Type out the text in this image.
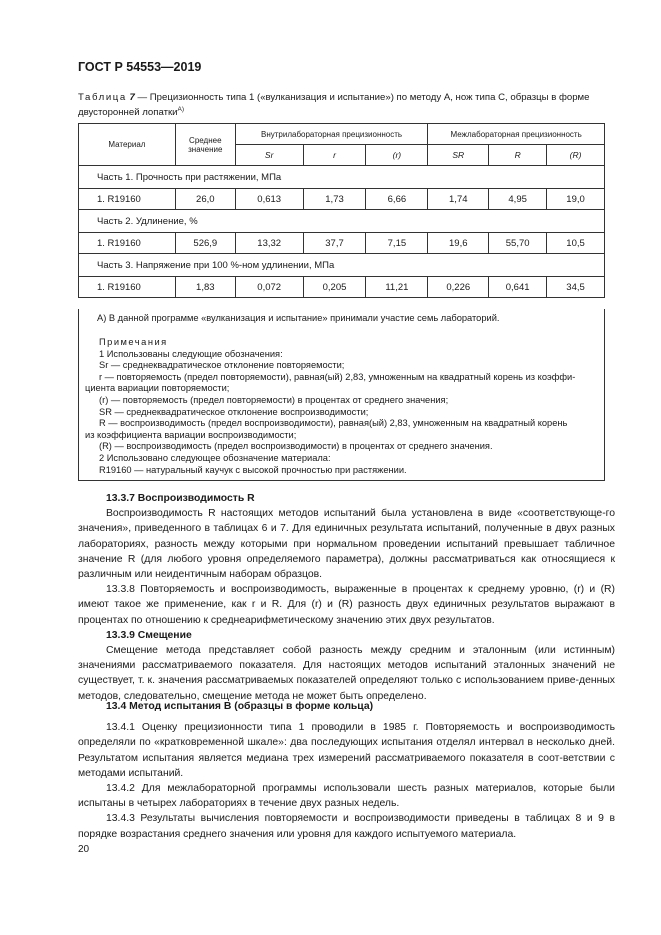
ГОСТ Р 54553—2019
Таблица 7 — Прецизионность типа 1 («вулканизация и испытание») по методу А, нож типа С, образцы в форме двусторонней лопатки$^{A)}$
Материал	Среднее значение	Внутрилабораторная прецизионность			Межлабораторная прецизионность		
		Sr	r	(r)	SR	R	(R)
Часть 1. Прочность при растяжении, МПа							
1. R19160	26,0	0,613	1,73	6,66	1,74	4,95	19,0
Часть 2. Удлинение, %							
1. R19160	526,9	13,32	37,7	7,15	19,6	55,70	10,5
Часть 3. Напряжение при 100 %-ном удлинении, МПа							
1. R19160	1,83	0,072	0,205	11,21	0,226	0,641	34,5
A) В данной программе «вулканизация и испытание» принимали участие семь лабораторий.
Примечания
1 Использованы следующие обозначения:
Sr — среднеквадратическое отклонение повторяемости;
r — повторяемость (предел повторяемости), равная(ый) 2,83, умноженным на квадратный корень из коэффи-
циента вариации повторяемости;
(r) — повторяемость (предел повторяемости) в процентах от среднего значения;
SR — среднеквадратическое отклонение воспроизводимости;
R — воспроизводимость (предел воспроизводимости), равная(ый) 2,83, умноженным на квадратный корень
из коэффициента вариации воспроизводимости;
(R) — воспроизводимость (предел воспроизводимости) в процентах от среднего значения.
2 Использовано следующее обозначение материала:
R19160 — натуральный каучук с высокой прочностью при растяжении.

13.3.7 Воспроизводимость R

Воспроизводимость R настоящих методов испытаний была установлена в виде «соответствующе-го значения», приведенного в таблицах 6 и 7. Для единичных результата испытаний, полученные в двух разных лабораториях, разность между которыми при нормальном проведении испытаний превышает табличное значение R (для любого уровня определяемого параметра), должны рассматриваться как относящиеся к различным или неидентичным наборам образцов.

13.3.8 Повторяемость и воспроизводимость, выраженные в процентах к среднему уровню, (r) и (R) имеют такое же применение, как r и R. Для (r) и (R) разность двух единичных результатов выражают в процентах по отношению к среднеарифметическому значению этих двух результатов.

13.3.9 Смещение

Смещение метода представляет собой разность между средним и эталонным (или истинным) значениями рассматриваемого показателя. Для настоящих методов испытаний эталонных значений не существует, т. к. значения рассматриваемых показателей определяют только с использованием приве-денных методов, следовательно, смещение метода не может быть определено.

13.4 Метод испытания В (образцы в форме кольца)

13.4.1 Оценку прецизионности типа 1 проводили в 1985 г. Повторяемость и воспроизводимость определяли по «кратковременной шкале»: два последующих испытания отделял интервал в несколько дней. Результатом испытания является медиана трех измерений рассматриваемого показателя в соот-ветствии с методами испытаний.

13.4.2 Для межлабораторной программы использовали шесть разных материалов, которые были испытаны в четырех лабораториях в течение двух разных недель.

13.4.3 Результаты вычисления повторяемости и воспроизводимости приведены в таблицах 8 и 9 в порядке возрастания среднего значения или уровня для каждого испытуемого материала.

20
